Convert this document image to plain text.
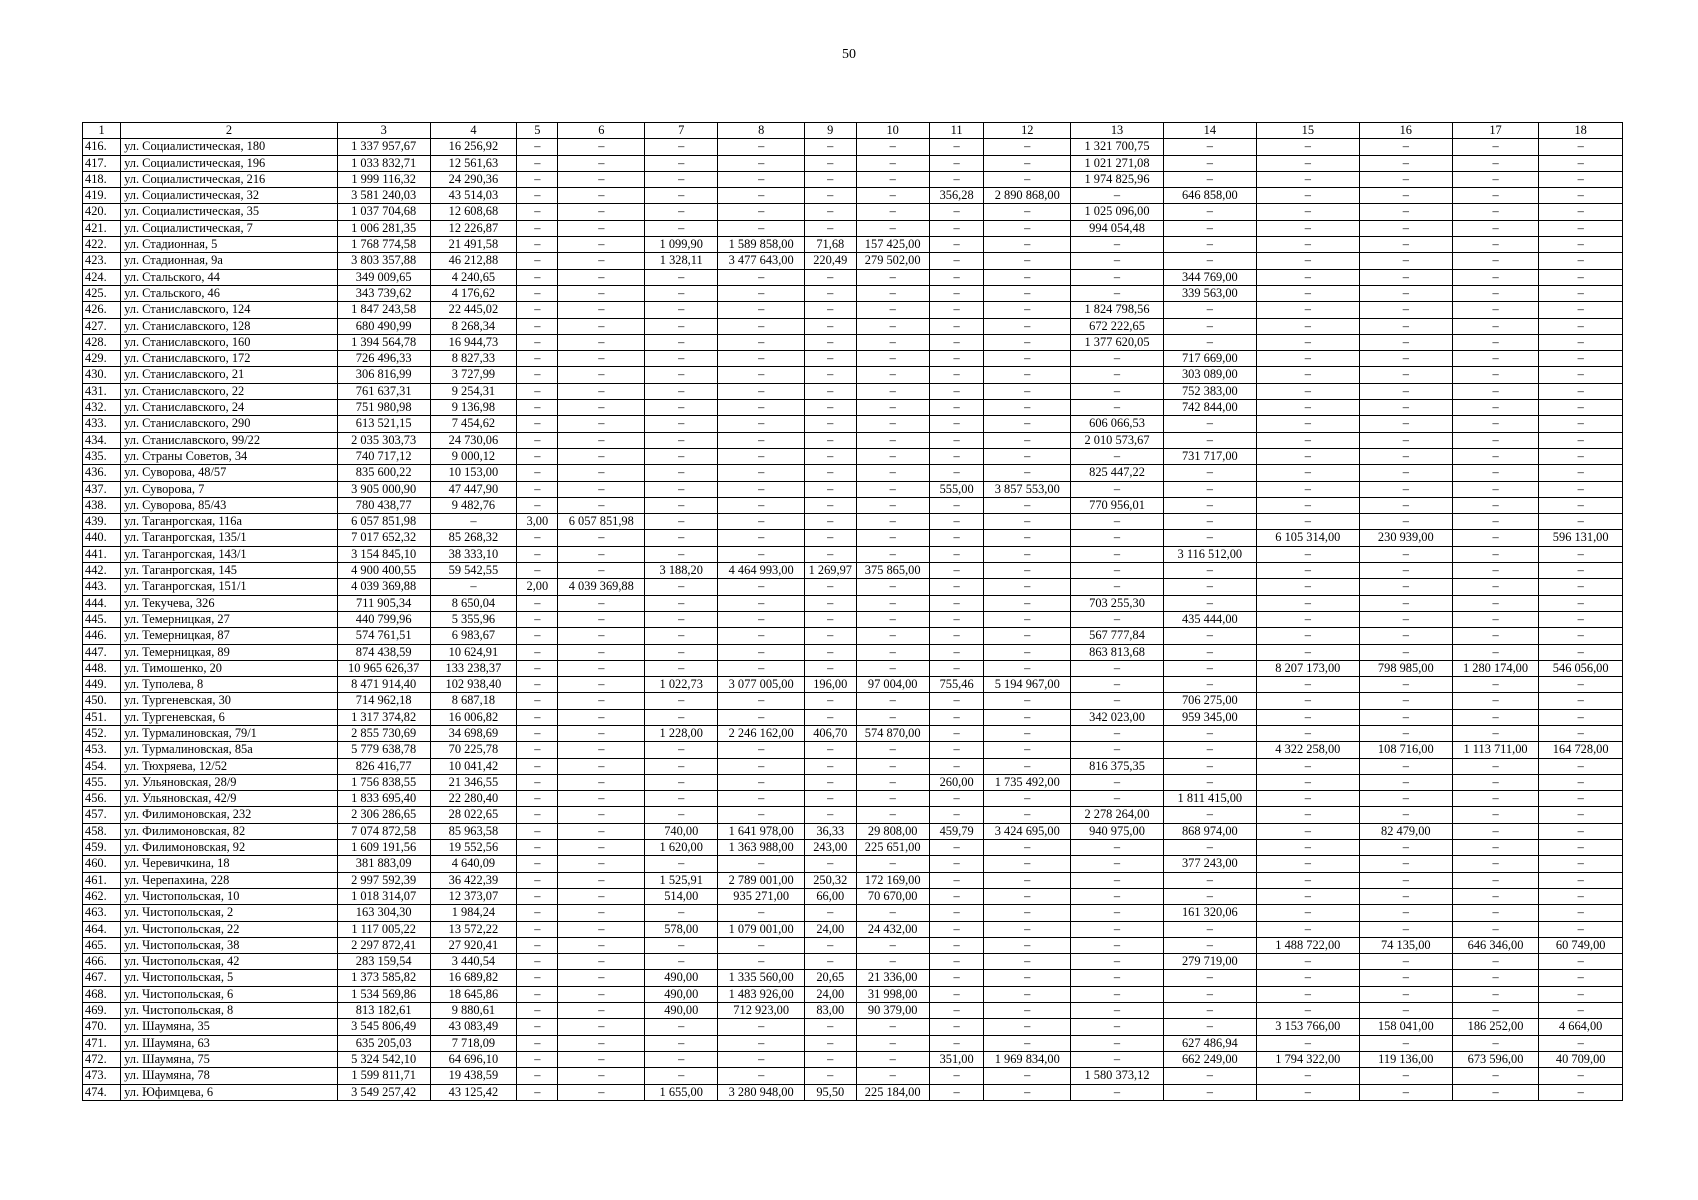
50
1	2	3	4	5	6	7	8	9	10	11	12	13	14	15	16	17	18
416.	ул. Социалистическая, 180	1 337 957,67	16 256,92	–	–	–	–	–	–	–	–	1 321 700,75	–	–	–	–	–
417.	ул. Социалистическая, 196	1 033 832,71	12 561,63	–	–	–	–	–	–	–	–	1 021 271,08	–	–	–	–	–
418.	ул. Социалистическая, 216	1 999 116,32	24 290,36	–	–	–	–	–	–	–	–	1 974 825,96	–	–	–	–	–
419.	ул. Социалистическая, 32	3 581 240,03	43 514,03	–	–	–	–	–	–	356,28	2 890 868,00	–	646 858,00	–	–	–	–
420.	ул. Социалистическая, 35	1 037 704,68	12 608,68	–	–	–	–	–	–	–	–	1 025 096,00	–	–	–	–	–
421.	ул. Социалистическая, 7	1 006 281,35	12 226,87	–	–	–	–	–	–	–	–	994 054,48	–	–	–	–	–
422.	ул. Стадионная, 5	1 768 774,58	21 491,58	–	–	1 099,90	1 589 858,00	71,68	157 425,00	–	–	–	–	–	–	–	–
423.	ул. Стадионная, 9а	3 803 357,88	46 212,88	–	–	1 328,11	3 477 643,00	220,49	279 502,00	–	–	–	–	–	–	–	–
424.	ул. Стальского, 44	349 009,65	4 240,65	–	–	–	–	–	–	–	–	–	344 769,00	–	–	–	–
425.	ул. Стальского, 46	343 739,62	4 176,62	–	–	–	–	–	–	–	–	–	339 563,00	–	–	–	–
426.	ул. Станиславского, 124	1 847 243,58	22 445,02	–	–	–	–	–	–	–	–	1 824 798,56	–	–	–	–	–
427.	ул. Станиславского, 128	680 490,99	8 268,34	–	–	–	–	–	–	–	–	672 222,65	–	–	–	–	–
428.	ул. Станиславского, 160	1 394 564,78	16 944,73	–	–	–	–	–	–	–	–	1 377 620,05	–	–	–	–	–
429.	ул. Станиславского, 172	726 496,33	8 827,33	–	–	–	–	–	–	–	–	–	717 669,00	–	–	–	–
430.	ул. Станиславского, 21	306 816,99	3 727,99	–	–	–	–	–	–	–	–	–	303 089,00	–	–	–	–
431.	ул. Станиславского, 22	761 637,31	9 254,31	–	–	–	–	–	–	–	–	–	752 383,00	–	–	–	–
432.	ул. Станиславского, 24	751 980,98	9 136,98	–	–	–	–	–	–	–	–	–	742 844,00	–	–	–	–
433.	ул. Станиславского, 290	613 521,15	7 454,62	–	–	–	–	–	–	–	–	606 066,53	–	–	–	–	–
434.	ул. Станиславского, 99/22	2 035 303,73	24 730,06	–	–	–	–	–	–	–	–	2 010 573,67	–	–	–	–	–
435.	ул. Страны Советов, 34	740 717,12	9 000,12	–	–	–	–	–	–	–	–	–	731 717,00	–	–	–	–
436.	ул. Суворова, 48/57	835 600,22	10 153,00	–	–	–	–	–	–	–	–	825 447,22	–	–	–	–	–
437.	ул. Суворова, 7	3 905 000,90	47 447,90	–	–	–	–	–	–	555,00	3 857 553,00	–	–	–	–	–	–
438.	ул. Суворова, 85/43	780 438,77	9 482,76	–	–	–	–	–	–	–	–	770 956,01	–	–	–	–	–
439.	ул. Таганрогская, 116а	6 057 851,98	–	3,00	6 057 851,98	–	–	–	–	–	–	–	–	–	–	–	–
440.	ул. Таганрогская, 135/1	7 017 652,32	85 268,32	–	–	–	–	–	–	–	–	–	–	6 105 314,00	230 939,00	–	596 131,00
441.	ул. Таганрогская, 143/1	3 154 845,10	38 333,10	–	–	–	–	–	–	–	–	–	3 116 512,00	–	–	–	–
442.	ул. Таганрогская, 145	4 900 400,55	59 542,55	–	–	3 188,20	4 464 993,00	1 269,97	375 865,00	–	–	–	–	–	–	–	–
443.	ул. Таганрогская, 151/1	4 039 369,88	–	2,00	4 039 369,88	–	–	–	–	–	–	–	–	–	–	–	–
444.	ул. Текучева, 326	711 905,34	8 650,04	–	–	–	–	–	–	–	–	703 255,30	–	–	–	–	–
445.	ул. Темерницкая, 27	440 799,96	5 355,96	–	–	–	–	–	–	–	–	–	435 444,00	–	–	–	–
446.	ул. Темерницкая, 87	574 761,51	6 983,67	–	–	–	–	–	–	–	–	567 777,84	–	–	–	–	–
447.	ул. Темерницкая, 89	874 438,59	10 624,91	–	–	–	–	–	–	–	–	863 813,68	–	–	–	–	–
448.	ул. Тимошенко, 20	10 965 626,37	133 238,37	–	–	–	–	–	–	–	–	–	–	8 207 173,00	798 985,00	1 280 174,00	546 056,00
449.	ул. Туполева, 8	8 471 914,40	102 938,40	–	–	1 022,73	3 077 005,00	196,00	97 004,00	755,46	5 194 967,00	–	–	–	–	–	–
450.	ул. Тургеневская, 30	714 962,18	8 687,18	–	–	–	–	–	–	–	–	–	706 275,00	–	–	–	–
451.	ул. Тургеневская, 6	1 317 374,82	16 006,82	–	–	–	–	–	–	–	–	342 023,00	959 345,00	–	–	–	–
452.	ул. Турмалиновская, 79/1	2 855 730,69	34 698,69	–	–	1 228,00	2 246 162,00	406,70	574 870,00	–	–	–	–	–	–	–	–
453.	ул. Турмалиновская, 85а	5 779 638,78	70 225,78	–	–	–	–	–	–	–	–	–	–	4 322 258,00	108 716,00	1 113 711,00	164 728,00
454.	ул. Тюхряева, 12/52	826 416,77	10 041,42	–	–	–	–	–	–	–	–	816 375,35	–	–	–	–	–
455.	ул. Ульяновская, 28/9	1 756 838,55	21 346,55	–	–	–	–	–	–	260,00	1 735 492,00	–	–	–	–	–	–
456.	ул. Ульяновская, 42/9	1 833 695,40	22 280,40	–	–	–	–	–	–	–	–	–	1 811 415,00	–	–	–	–
457.	ул. Филимоновская, 232	2 306 286,65	28 022,65	–	–	–	–	–	–	–	–	2 278 264,00	–	–	–	–	–
458.	ул. Филимоновская, 82	7 074 872,58	85 963,58	–	–	740,00	1 641 978,00	36,33	29 808,00	459,79	3 424 695,00	940 975,00	868 974,00	–	82 479,00	–	–
459.	ул. Филимоновская, 92	1 609 191,56	19 552,56	–	–	1 620,00	1 363 988,00	243,00	225 651,00	–	–	–	–	–	–	–	–
460.	ул. Черевичкина, 18	381 883,09	4 640,09	–	–	–	–	–	–	–	–	–	377 243,00	–	–	–	–
461.	ул. Черепахина, 228	2 997 592,39	36 422,39	–	–	1 525,91	2 789 001,00	250,32	172 169,00	–	–	–	–	–	–	–	–
462.	ул. Чистопольская, 10	1 018 314,07	12 373,07	–	–	514,00	935 271,00	66,00	70 670,00	–	–	–	–	–	–	–	–
463.	ул. Чистопольская, 2	163 304,30	1 984,24	–	–	–	–	–	–	–	–	–	161 320,06	–	–	–	–
464.	ул. Чистопольская, 22	1 117 005,22	13 572,22	–	–	578,00	1 079 001,00	24,00	24 432,00	–	–	–	–	–	–	–	–
465.	ул. Чистопольская, 38	2 297 872,41	27 920,41	–	–	–	–	–	–	–	–	–	–	1 488 722,00	74 135,00	646 346,00	60 749,00
466.	ул. Чистопольская, 42	283 159,54	3 440,54	–	–	–	–	–	–	–	–	–	279 719,00	–	–	–	–
467.	ул. Чистопольская, 5	1 373 585,82	16 689,82	–	–	490,00	1 335 560,00	20,65	21 336,00	–	–	–	–	–	–	–	–
468.	ул. Чистопольская, 6	1 534 569,86	18 645,86	–	–	490,00	1 483 926,00	24,00	31 998,00	–	–	–	–	–	–	–	–
469.	ул. Чистопольская, 8	813 182,61	9 880,61	–	–	490,00	712 923,00	83,00	90 379,00	–	–	–	–	–	–	–	–
470.	ул. Шаумяна, 35	3 545 806,49	43 083,49	–	–	–	–	–	–	–	–	–	–	3 153 766,00	158 041,00	186 252,00	4 664,00
471.	ул. Шаумяна, 63	635 205,03	7 718,09	–	–	–	–	–	–	–	–	–	627 486,94	–	–	–	–
472.	ул. Шаумяна, 75	5 324 542,10	64 696,10	–	–	–	–	–	–	351,00	1 969 834,00	–	662 249,00	1 794 322,00	119 136,00	673 596,00	40 709,00
473.	ул. Шаумяна, 78	1 599 811,71	19 438,59	–	–	–	–	–	–	–	–	1 580 373,12	–	–	–	–	–
474.	ул. Юфимцева, 6	3 549 257,42	43 125,42	–	–	1 655,00	3 280 948,00	95,50	225 184,00	–	–	–	–	–	–	–	–
